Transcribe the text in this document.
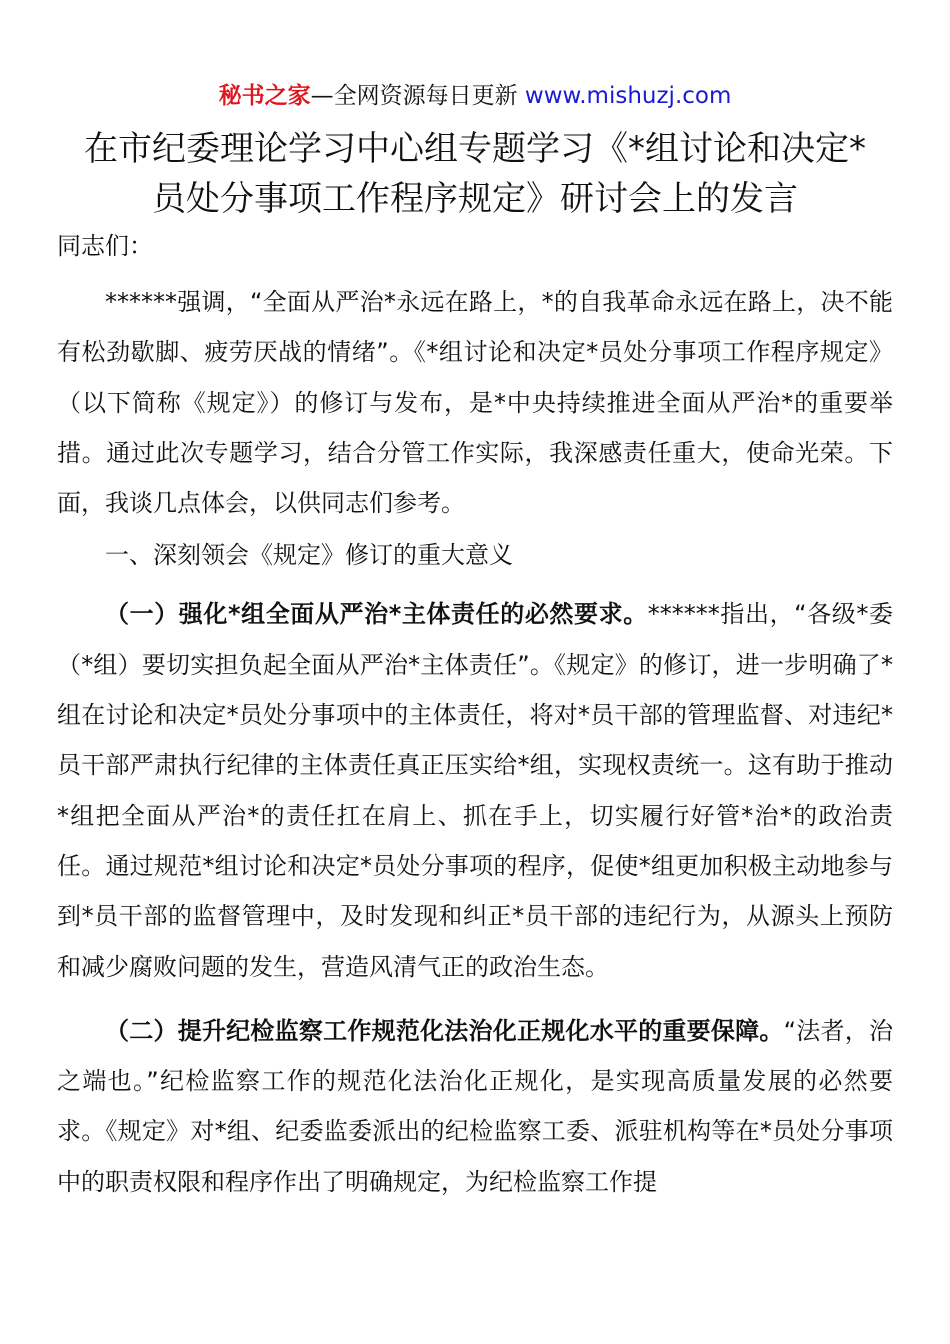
秘书之家—全网资源每日更新 www.mishuzj.com
在市纪委理论学习中心组专题学习《*组讨论和决定*
员处分事项工作程序规定》研讨会上的发言

同志们：

******强调，“全面从严治*永远在路上，*的自我革命永远在路上，决不能有松劲歇脚、疲劳厌战的情绪”。《*组讨论和决定*员处分事项工作程序规定》（以下简称《规定》）的修订与发布，是*中央持续推进全面从严治*的重要举措。通过此次专题学习，结合分管工作实际，我深感责任重大，使命光荣。下面，我谈几点体会，以供同志们参考。

一、深刻领会《规定》修订的重大意义

（一）强化*组全面从严治*主体责任的必然要求。******指出，“各级*委（*组）要切实担负起全面从严治*主体责任”。《规定》的修订，进一步明确了*组在讨论和决定*员处分事项中的主体责任，将对*员干部的管理监督、对违纪*员干部严肃执行纪律的主体责任真正压实给*组，实现权责统一。这有助于推动*组把全面从严治*的责任扛在肩上、抓在手上，切实履行好管*治*的政治责任。通过规范*组讨论和决定*员处分事项的程序，促使*组更加积极主动地参与到*员干部的监督管理中，及时发现和纠正*员干部的违纪行为，从源头上预防和减少腐败问题的发生，营造风清气正的政治生态。

（二）提升纪检监察工作规范化法治化正规化水平的重要保障。“法者，治之端也。”纪检监察工作的规范化法治化正规化，是实现高质量发展的必然要求。《规定》对*组、纪委监委派出的纪检监察工委、派驻机构等在*员处分事项中的职责权限和程序作出了明确规定，为纪检监察工作提
